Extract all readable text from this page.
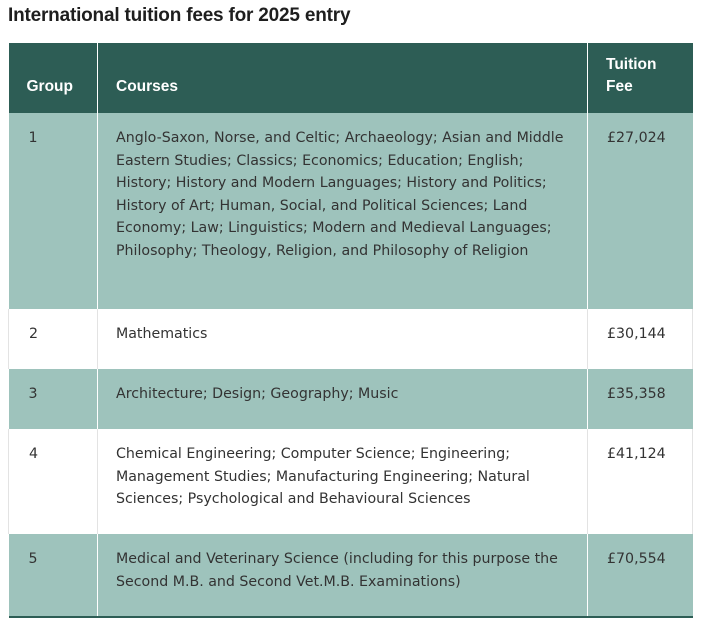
International tuition fees for 2025 entry
Group	Courses	Tuition Fee
1	Anglo-Saxon, Norse, and Celtic; Archaeology; Asian and Middle Eastern Studies; Classics; Economics; Education; English; History; History and Modern Languages; History and Politics; History of Art; Human, Social, and Political Sciences; Land Economy; Law; Linguistics; Modern and Medieval Languages; Philosophy; Theology, Religion, and Philosophy of Religion	£27,024
2	Mathematics	£30,144
3	Architecture; Design; Geography; Music	£35,358
4	Chemical Engineering; Computer Science; Engineering; Management Studies; Manufacturing Engineering; Natural Sciences; Psychological and Behavioural Sciences	£41,124
5	Medical and Veterinary Science (including for this purpose the Second M.B. and Second Vet.M.B. Examinations)	£70,554
